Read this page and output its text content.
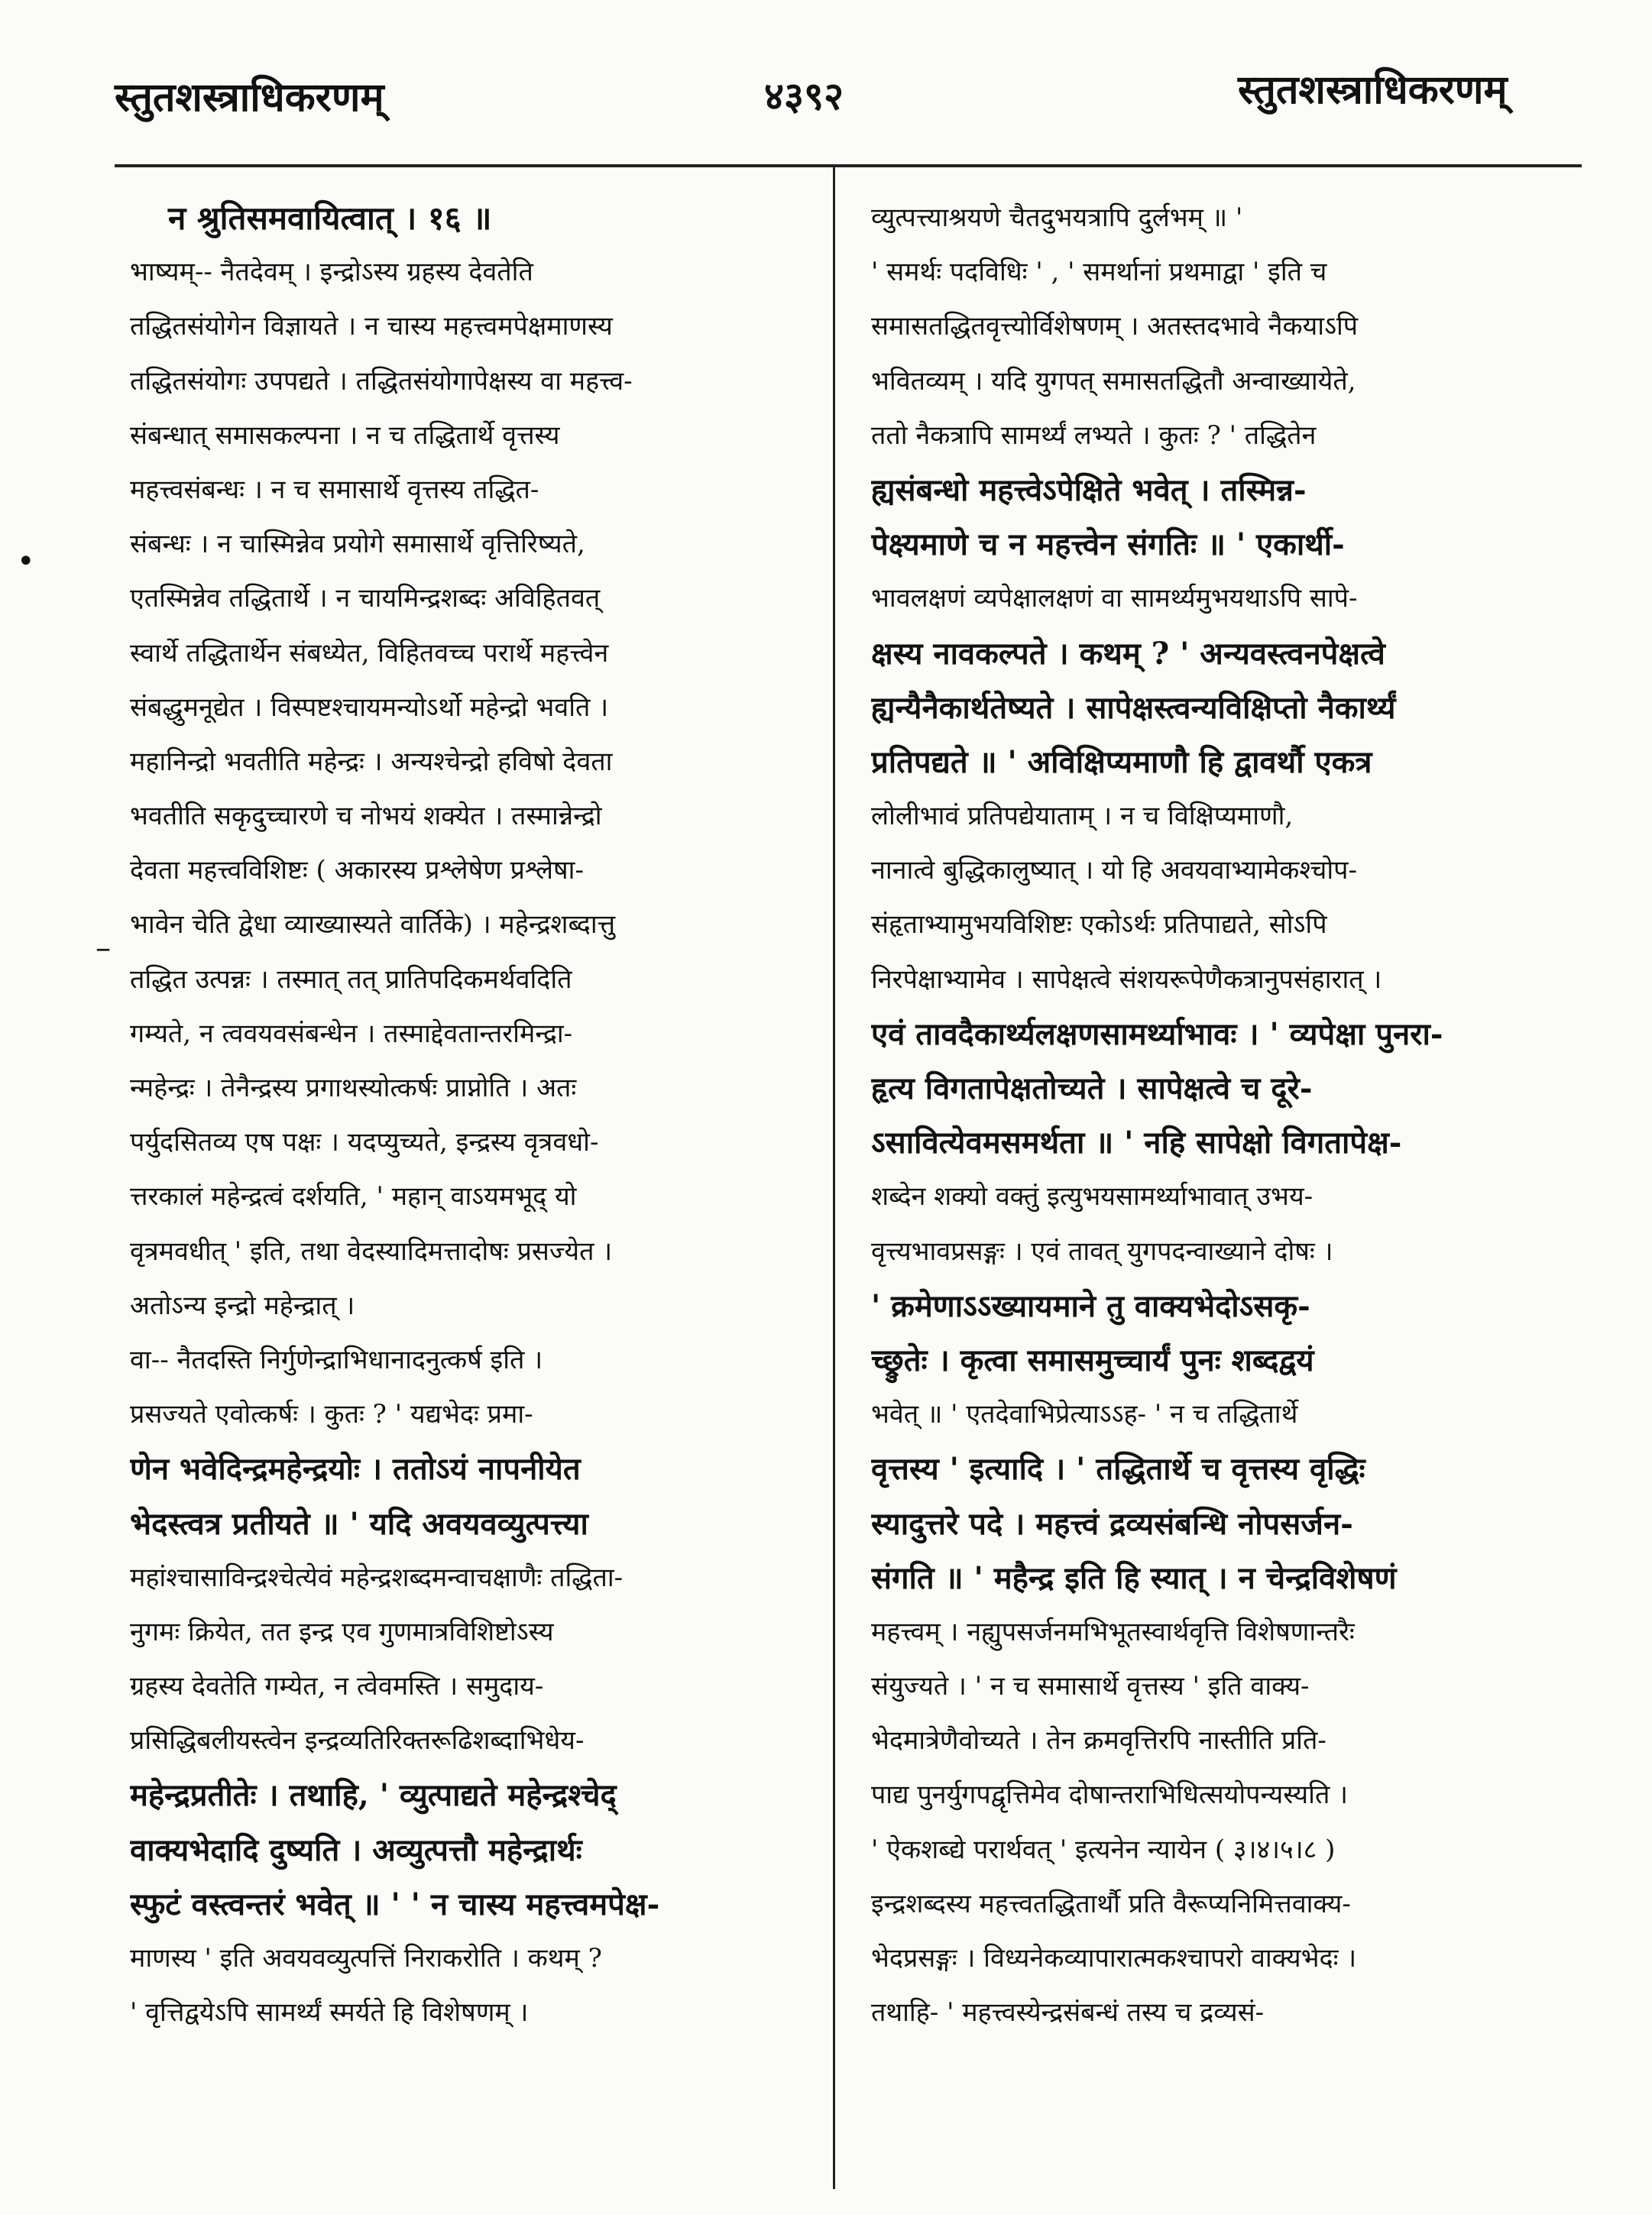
स्तुतशस्त्राधिकरणम्	४३९२	स्तुतशस्त्राधिकरणम्
•
–
न श्रुतिसमवायित्वात् । १६ ॥
भाष्यम्-- नैतदेवम् । इन्द्रोऽस्य ग्रहस्य देवतेति
तद्धितसंयोगेन विज्ञायते । न चास्य महत्त्वमपेक्षमाणस्य
तद्धितसंयोगः उपपद्यते । तद्धितसंयोगापेक्षस्य वा महत्त्व-
संबन्धात् समासकल्पना । न च तद्धितार्थे वृत्तस्य
महत्त्वसंबन्धः । न च समासार्थे वृत्तस्य तद्धित-
संबन्धः । न चास्मिन्नेव प्रयोगे समासार्थे वृत्तिरिष्यते,
एतस्मिन्नेव तद्धितार्थे । न चायमिन्द्रशब्दः अविहितवत्
स्वार्थे तद्धितार्थेन संबध्येत, विहितवच्च परार्थे महत्त्वेन
संबद्धुमनूद्येत । विस्पष्टश्चायमन्योऽर्थो महेन्द्रो भवति ।
महानिन्द्रो भवतीति महेन्द्रः । अन्यश्चेन्द्रो हविषो देवता
भवतीति सकृदुच्चारणे च नोभयं शक्येत । तस्मान्नेन्द्रो
देवता महत्त्वविशिष्टः ( अकारस्य प्रश्लेषेण प्रश्लेषा-
भावेन चेति द्वेधा व्याख्यास्यते वार्तिके) । महेन्द्रशब्दात्तु
तद्धित उत्पन्नः । तस्मात् तत् प्रातिपदिकमर्थवदिति
गम्यते, न त्ववयवसंबन्धेन । तस्माद्देवतान्तरमिन्द्रा-
न्महेन्द्रः । तेनैन्द्रस्य प्रगाथस्योत्कर्षः प्राप्नोति । अतः
पर्युदसितव्य एष पक्षः । यदप्युच्यते, इन्द्रस्य वृत्रवधो-
त्तरकालं महेन्द्रत्वं दर्शयति, ' महान् वाऽयमभूद् यो
वृत्रमवधीत् ' इति, तथा वेदस्यादिमत्तादोषः प्रसज्येत ।
अतोऽन्य इन्द्रो महेन्द्रात् ।
वा-- नैतदस्ति निर्गुणेन्द्राभिधानादनुत्कर्ष इति ।
प्रसज्यते एवोत्कर्षः । कुतः ? ' यद्यभेदः प्रमा-
णेन भवेदिन्द्रमहेन्द्रयोः । ततोऽयं नापनीयेत
भेदस्त्वत्र प्रतीयते ॥ ' यदि अवयवव्युत्पत्त्या
महांश्चासाविन्द्रश्चेत्येवं महेन्द्रशब्दमन्वाचक्षाणैः तद्धिता-
नुगमः क्रियेत, तत इन्द्र एव गुणमात्रविशिष्टोऽस्य
ग्रहस्य देवतेति गम्येत, न त्वेवमस्ति । समुदाय-
प्रसिद्धिबलीयस्त्वेन इन्द्रव्यतिरिक्तरूढिशब्दाभिधेय-
महेन्द्रप्रतीतेः । तथाहि, ' व्युत्पाद्यते महेन्द्रश्चेद्
वाक्यभेदादि दुष्यति । अव्युत्पत्तौ महेन्द्रार्थः
स्फुटं वस्त्वन्तरं भवेत् ॥ ' ' न चास्य महत्त्वमपेक्ष-
माणस्य ' इति अवयवव्युत्पत्तिं निराकरोति । कथम् ?
' वृत्तिद्वयेऽपि सामर्थ्यं स्मर्यते हि विशेषणम् ।
व्युत्पत्त्याश्रयणे चैतदुभयत्रापि दुर्लभम् ॥ '
' समर्थः पदविधिः ' , ' समर्थानां प्रथमाद्वा ' इति च
समासतद्धितवृत्त्योर्विशेषणम् । अतस्तदभावे नैकयाऽपि
भवितव्यम् । यदि युगपत् समासतद्धितौ अन्वाख्यायेते,
ततो नैकत्रापि सामर्थ्यं लभ्यते । कुतः ? ' तद्धितेन
ह्यसंबन्धो महत्त्वेऽपेक्षिते भवेत् । तस्मिन्न-
पेक्ष्यमाणे च न महत्त्वेन संगतिः ॥ ' एकार्थी-
भावलक्षणं व्यपेक्षालक्षणं वा सामर्थ्यमुभयथाऽपि सापे-
क्षस्य नावकल्पते । कथम् ? ' अन्यवस्त्वनपेक्षत्वे
ह्यन्यैनैकार्थतेष्यते । सापेक्षस्त्वन्यविक्षिप्तो नैकार्थ्यं
प्रतिपद्यते ॥ ' अविक्षिप्यमाणौ हि द्वावर्थौ एकत्र
लोलीभावं प्रतिपद्येयाताम् । न च विक्षिप्यमाणौ,
नानात्वे बुद्धिकालुष्यात् । यो हि अवयवाभ्यामेकश्चोप-
संहृताभ्यामुभयविशिष्टः एकोऽर्थः प्रतिपाद्यते, सोऽपि
निरपेक्षाभ्यामेव । सापेक्षत्वे संशयरूपेणैकत्रानुपसंहारात् ।
एवं तावदैकार्थ्यलक्षणसामर्थ्याभावः । ' व्यपेक्षा पुनरा-
हृत्य विगतापेक्षतोच्यते । सापेक्षत्वे च दूरे-
ऽसावित्येवमसमर्थता ॥ ' नहि सापेक्षो विगतापेक्ष-
शब्देन शक्यो वक्तुं इत्युभयसामर्थ्याभावात् उभय-
वृत्त्यभावप्रसङ्गः । एवं तावत् युगपदन्वाख्याने दोषः ।
' क्रमेणाऽऽख्यायमाने तु वाक्यभेदोऽसकृ-
च्छ्रुतेः । कृत्वा समासमुच्चार्यं पुनः शब्दद्वयं
भवेत् ॥ ' एतदेवाभिप्रेत्याऽऽह- ' न च तद्धितार्थे
वृत्तस्य ' इत्यादि । ' तद्धितार्थे च वृत्तस्य वृद्धिः
स्यादुत्तरे पदे । महत्त्वं द्रव्यसंबन्धि नोपसर्जन-
संगति ॥ ' महैन्द्र इति हि स्यात् । न चेन्द्रविशेषणं
महत्त्वम् । नह्युपसर्जनमभिभूतस्वार्थवृत्ति विशेषणान्तरैः
संयुज्यते । ' न च समासार्थे वृत्तस्य ' इति वाक्य-
भेदमात्रेणैवोच्यते । तेन क्रमवृत्तिरपि नास्तीति प्रति-
पाद्य पुनर्युगपद्वृत्तिमेव दोषान्तराभिधित्सयोपन्यस्यति ।
' ऐकशब्द्ये परार्थवत् ' इत्यनेन न्यायेन ( ३।४।५।८ )
इन्द्रशब्दस्य महत्त्वतद्धितार्थौ प्रति वैरूप्यनिमित्तवाक्य-
भेदप्रसङ्गः । विध्यनेकव्यापारात्मकश्चापरो वाक्यभेदः ।
तथाहि- ' महत्त्वस्येन्द्रसंबन्धं तस्य च द्रव्यसं-
